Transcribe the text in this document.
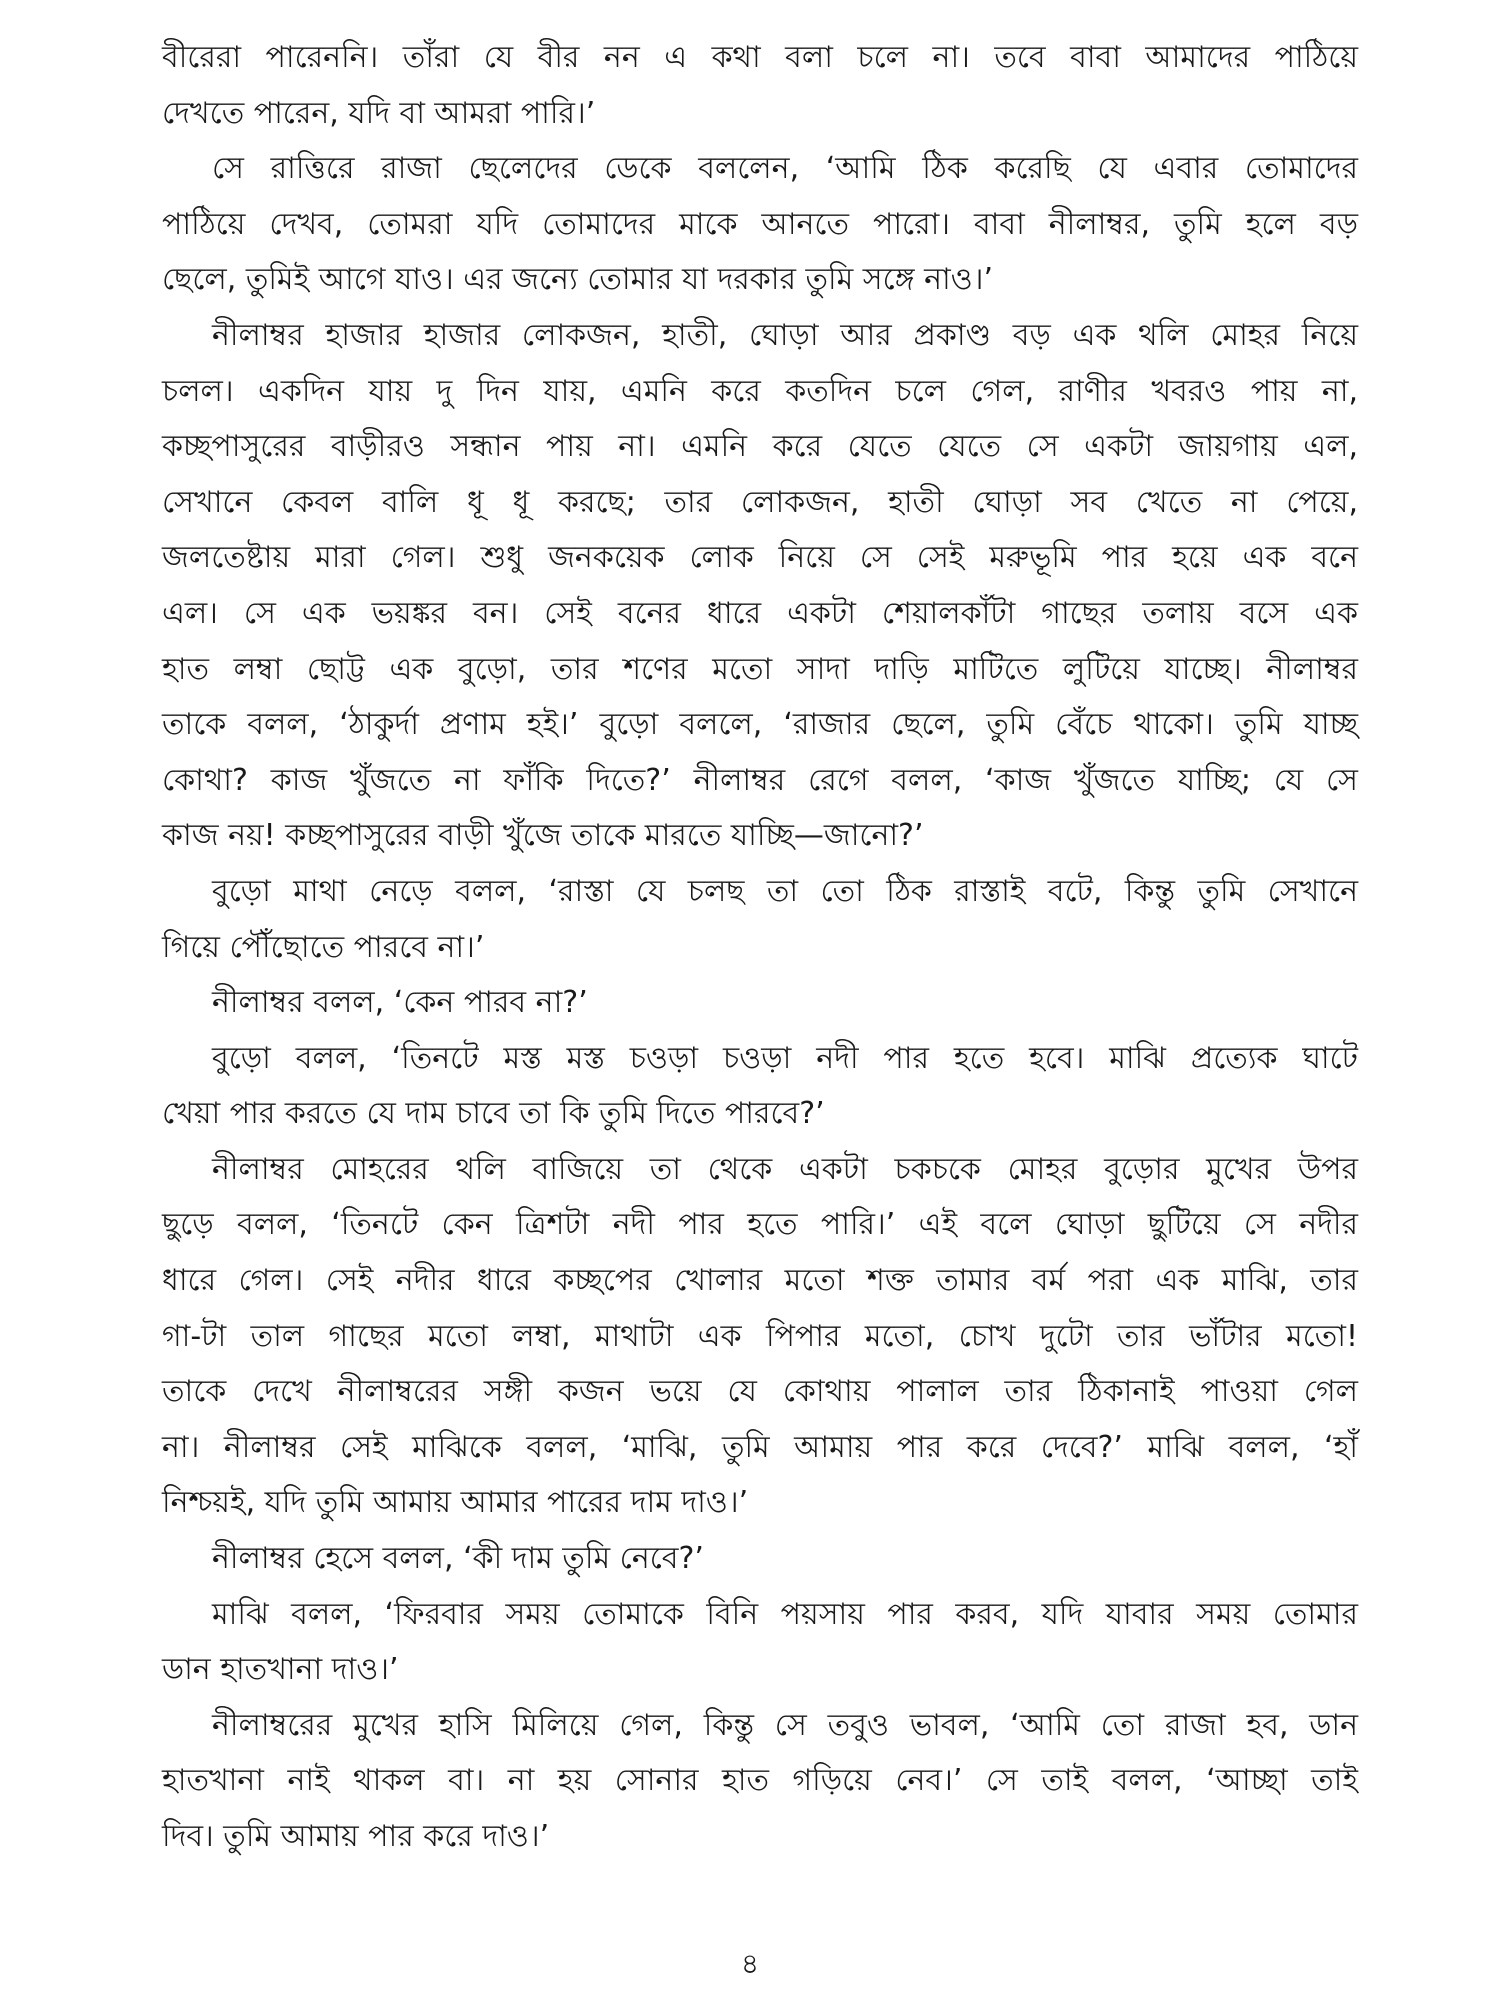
বীরেরা পারেননি। তাঁরা যে বীর নন এ কথা বলা চলে না। তবে বাবা আমাদের পাঠিয়ে
দেখতে পারেন, যদি বা আমরা পারি।’
সে রাত্তিরে রাজা ছেলেদের ডেকে বললেন, ‘আমি ঠিক করেছি যে এবার তোমাদের
পাঠিয়ে দেখব, তোমরা যদি তোমাদের মাকে আনতে পারো। বাবা নীলাম্বর, তুমি হলে বড়
ছেলে, তুমিই আগে যাও। এর জন্যে তোমার যা দরকার তুমি সঙ্গে নাও।’
নীলাম্বর হাজার হাজার লোকজন, হাতী, ঘোড়া আর প্রকাণ্ড বড় এক থলি মোহর নিয়ে
চলল। একদিন যায় দু দিন যায়, এমনি করে কতদিন চলে গেল, রাণীর খবরও পায় না,
কচ্ছপাসুরের বাড়ীরও সন্ধান পায় না। এমনি করে যেতে যেতে সে একটা জায়গায় এল,
সেখানে কেবল বালি ধূ ধূ করছে; তার লোকজন, হাতী ঘোড়া সব খেতে না পেয়ে,
জলতেষ্টায় মারা গেল। শুধু জনকয়েক লোক নিয়ে সে সেই মরুভূমি পার হয়ে এক বনে
এল। সে এক ভয়ঙ্কর বন। সেই বনের ধারে একটা শেয়ালকাঁটা গাছের তলায় বসে এক
হাত লম্বা ছোট্ট এক বুড়ো, তার শণের মতো সাদা দাড়ি মাটিতে লুটিয়ে যাচ্ছে। নীলাম্বর
তাকে বলল, ‘ঠাকুর্দা প্রণাম হই।’ বুড়ো বললে, ‘রাজার ছেলে, তুমি বেঁচে থাকো। তুমি যাচ্ছ
কোথা? কাজ খুঁজতে না ফাঁকি দিতে?’ নীলাম্বর রেগে বলল, ‘কাজ খুঁজতে যাচ্ছি; যে সে
কাজ নয়! কচ্ছপাসুরের বাড়ী খুঁজে তাকে মারতে যাচ্ছি—জানো?’
বুড়ো মাথা নেড়ে বলল, ‘রাস্তা যে চলছ তা তো ঠিক রাস্তাই বটে, কিন্তু তুমি সেখানে
গিয়ে পৌঁছোতে পারবে না।’
নীলাম্বর বলল, ‘কেন পারব না?’
বুড়ো বলল, ‘তিনটে মস্ত মস্ত চওড়া চওড়া নদী পার হতে হবে। মাঝি প্রত্যেক ঘাটে
খেয়া পার করতে যে দাম চাবে তা কি তুমি দিতে পারবে?’
নীলাম্বর মোহরের থলি বাজিয়ে তা থেকে একটা চকচকে মোহর বুড়োর মুখের উপর
ছুড়ে বলল, ‘তিনটে কেন ত্রিশটা নদী পার হতে পারি।’ এই বলে ঘোড়া ছুটিয়ে সে নদীর
ধারে গেল। সেই নদীর ধারে কচ্ছপের খোলার মতো শক্ত তামার বর্ম পরা এক মাঝি, তার
গা-টা তাল গাছের মতো লম্বা, মাথাটা এক পিপার মতো, চোখ দুটো তার ভাঁটার মতো!
তাকে দেখে নীলাম্বরের সঙ্গী কজন ভয়ে যে কোথায় পালাল তার ঠিকানাই পাওয়া গেল
না। নীলাম্বর সেই মাঝিকে বলল, ‘মাঝি, তুমি আমায় পার করে দেবে?’ মাঝি বলল, ‘হাঁ
নিশ্চয়ই, যদি তুমি আমায় আমার পারের দাম দাও।’
নীলাম্বর হেসে বলল, ‘কী দাম তুমি নেবে?’
মাঝি বলল, ‘ফিরবার সময় তোমাকে বিনি পয়সায় পার করব, যদি যাবার সময় তোমার
ডান হাতখানা দাও।’
নীলাম্বরের মুখের হাসি মিলিয়ে গেল, কিন্তু সে তবুও ভাবল, ‘আমি তো রাজা হব, ডান
হাতখানা নাই থাকল বা। না হয় সোনার হাত গড়িয়ে নেব।’ সে তাই বলল, ‘আচ্ছা তাই
দিব। তুমি আমায় পার করে দাও।’
৪
